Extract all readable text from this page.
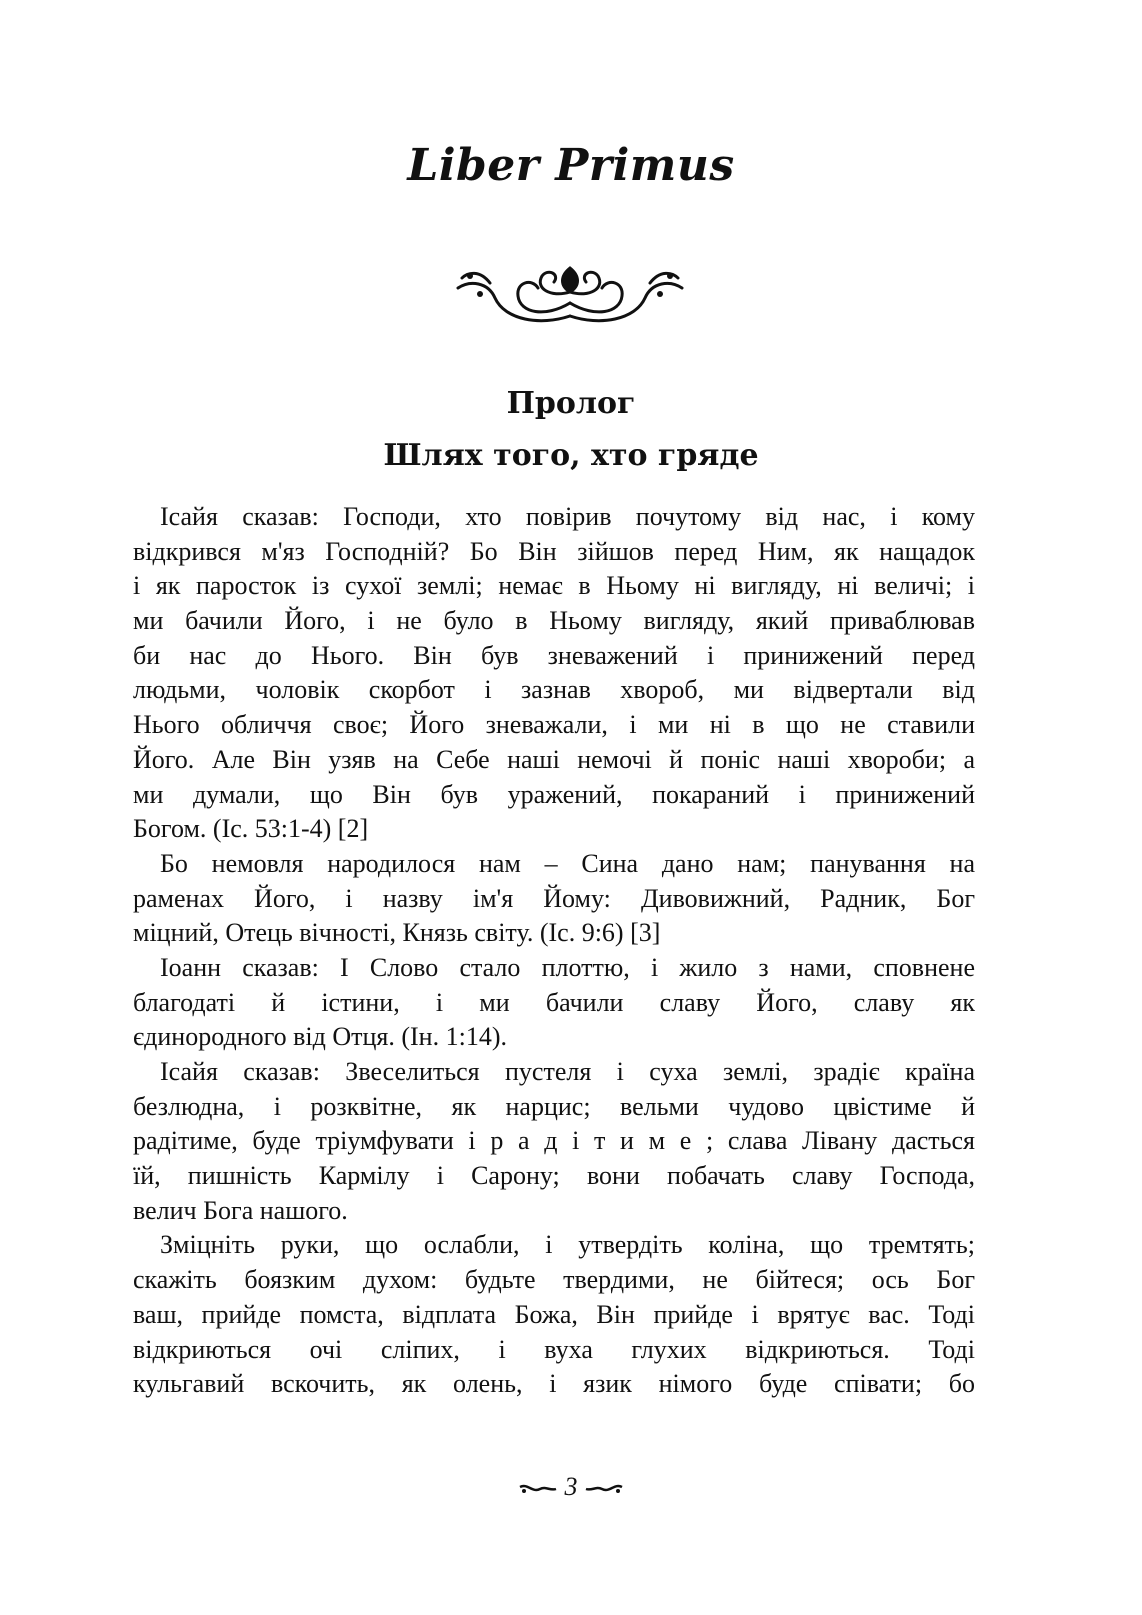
Liber Primus
Пролог
Шлях того, хто гряде
Ісайя сказав: Господи, хто повірив почутому від нас, і кому
відкрився м'яз Господній? Бо Він зійшов перед Ним, як нащадок
і як паросток із сухої землі; немає в Ньому ні вигляду, ні величі; і
ми бачили Його, і не було в Ньому вигляду, який приваблював
би нас до Нього. Він був зневажений і принижений перед
людьми, чоловік скорбот і зазнав хвороб, ми відвертали від
Нього обличчя своє; Його зневажали, і ми ні в що не ставили
Його. Але Він узяв на Себе наші немочі й поніс наші хвороби; а
ми думали, що Він був уражений, покараний і принижений
Богом. (Іс. 53:1-4) [2]
Бо немовля народилося нам – Сина дано нам; панування на
раменах Його, і назву ім'я Йому: Дивовижний, Радник, Бог
міцний, Отець вічності, Князь світу. (Іс. 9:6) [3]
Іоанн сказав: І Слово стало плоттю, і жило з нами, сповнене
благодаті й істини, і ми бачили славу Його, славу як
єдинородного від Отця. (Ін. 1:14).
Ісайя сказав: Звеселиться пустеля і суха землі, зрадіє країна
безлюдна, і розквітне, як нарцис; вельми чудово цвістиме й
радітиме, буде тріумфувати і р а д і т и м е ; слава Лівану дасться
їй, пишність Кармілу і Сарону; вони побачать славу Господа,
велич Бога нашого.
Зміцніть руки, що ослабли, і утвердіть коліна, що тремтять;
скажіть боязким духом: будьте твердими, не бійтеся; ось Бог
ваш, прийде помста, відплата Божа, Він прийде і врятує вас. Тоді
відкриються очі сліпих, і вуха глухих відкриються. Тоді
кульгавий вскочить, як олень, і язик німого буде співати; бо
3
